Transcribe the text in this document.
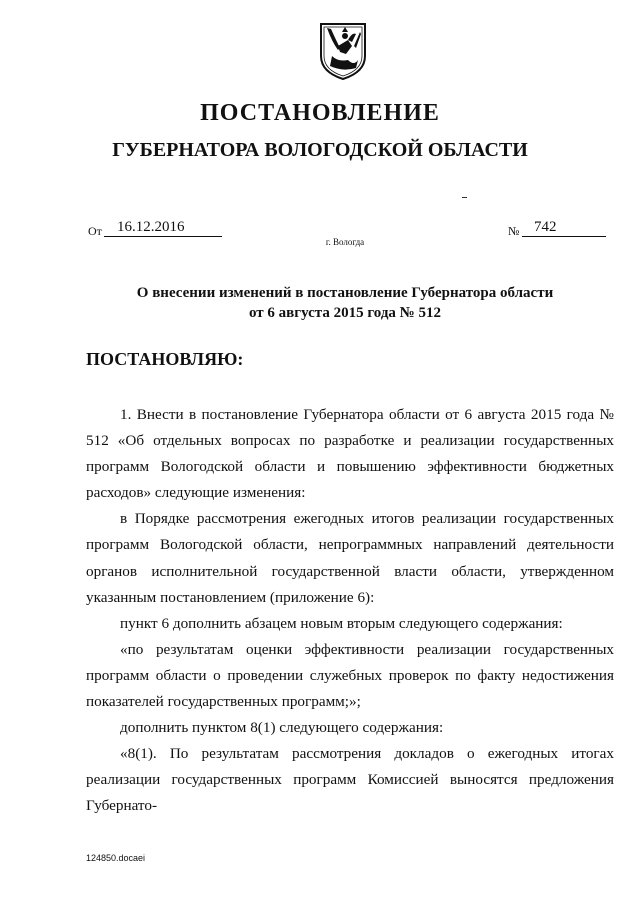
ПОСТАНОВЛЕНИЕ
ГУБЕРНАТОРА ВОЛОГОДСКОЙ ОБЛАСТИ
От	16.12.2016	№ 742
г. Вологда
О внесении изменений в постановление Губернатора области
от 6 августа 2015 года № 512
ПОСТАНОВЛЯЮ:

1. Внести в постановление Губернатора области от 6 августа 2015 года № 512 «Об отдельных вопросах по разработке и реализации государственных программ Вологодской области и повышению эффективности бюджетных расходов» следующие изменения:

в Порядке рассмотрения ежегодных итогов реализации государственных программ Вологодской области, непрограммных направлений деятельности органов исполнительной государственной власти области, утвержденном указанным постановлением (приложение 6):

пункт 6 дополнить абзацем новым вторым следующего содержания:

«по результатам оценки эффективности реализации государственных программ области о проведении служебных проверок по факту недостижения показателей государственных программ;»;

дополнить пунктом 8(1) следующего содержания:

«8(1). По результатам рассмотрения докладов о ежегодных итогах реализации государственных программ Комиссией выносятся предложения Губернато-

124850.docaei
